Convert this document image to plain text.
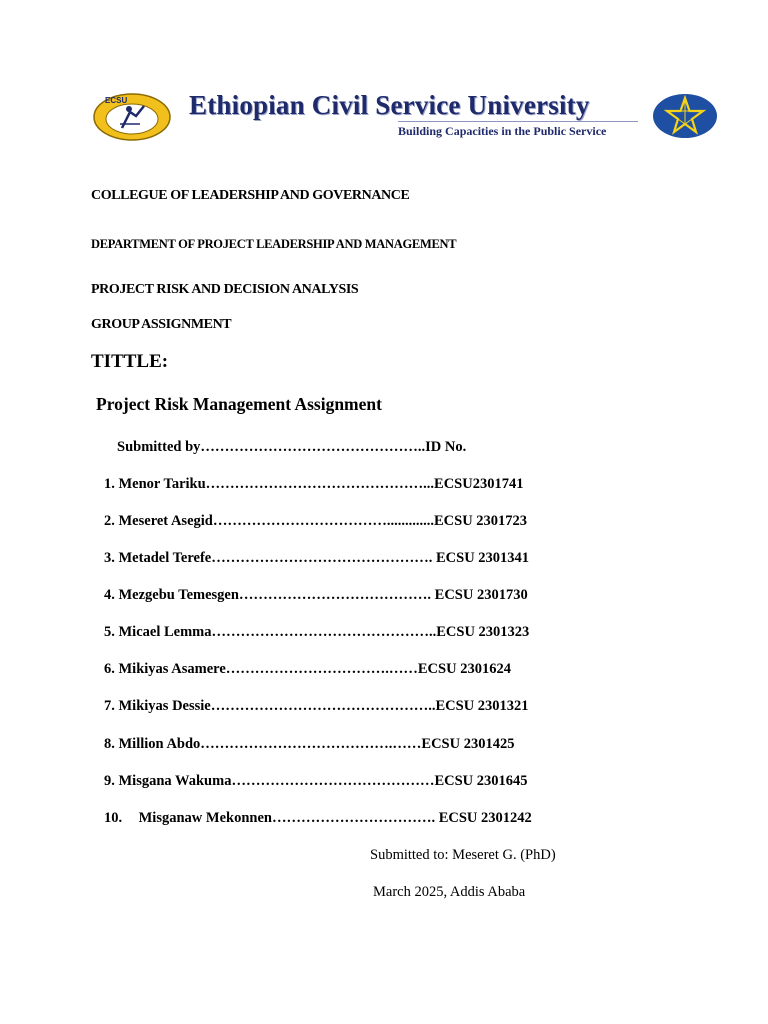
ECSU Ethiopian Civil Service University
Building Capacities in the Public Service
COLLEGUE OF LEADERSHIP AND GOVERNANCE
DEPARTMENT OF PROJECT LEADERSHIP AND MANAGEMENT
PROJECT RISK AND DECISION ANALYSIS
GROUP ASSIGNMENT
TITTLE:
Project Risk Management Assignment
Submitted by………………………………………..ID No.
1. Menor Tariku………………………………………...ECSU2301741
2. Meseret Asegid……………………………….............ECSU 2301723
3. Metadel Terefe………………………………………. ECSU 2301341
4. Mezgebu Temesgen…………………………………. ECSU 2301730
5. Micael Lemma………………………………………..ECSU 2301323
6. Mikiyas Asamere…………………………….……ECSU 2301624
7. Mikiyas Dessie………………………………………..ECSU 2301321
8. Million Abdo………………………………….……ECSU 2301425
9. Misgana Wakuma……………………………………ECSU 2301645
10. Misganaw Mekonnen……………………………. ECSU 2301242
Submitted to: Meseret G. (PhD)
March 2025, Addis Ababa
